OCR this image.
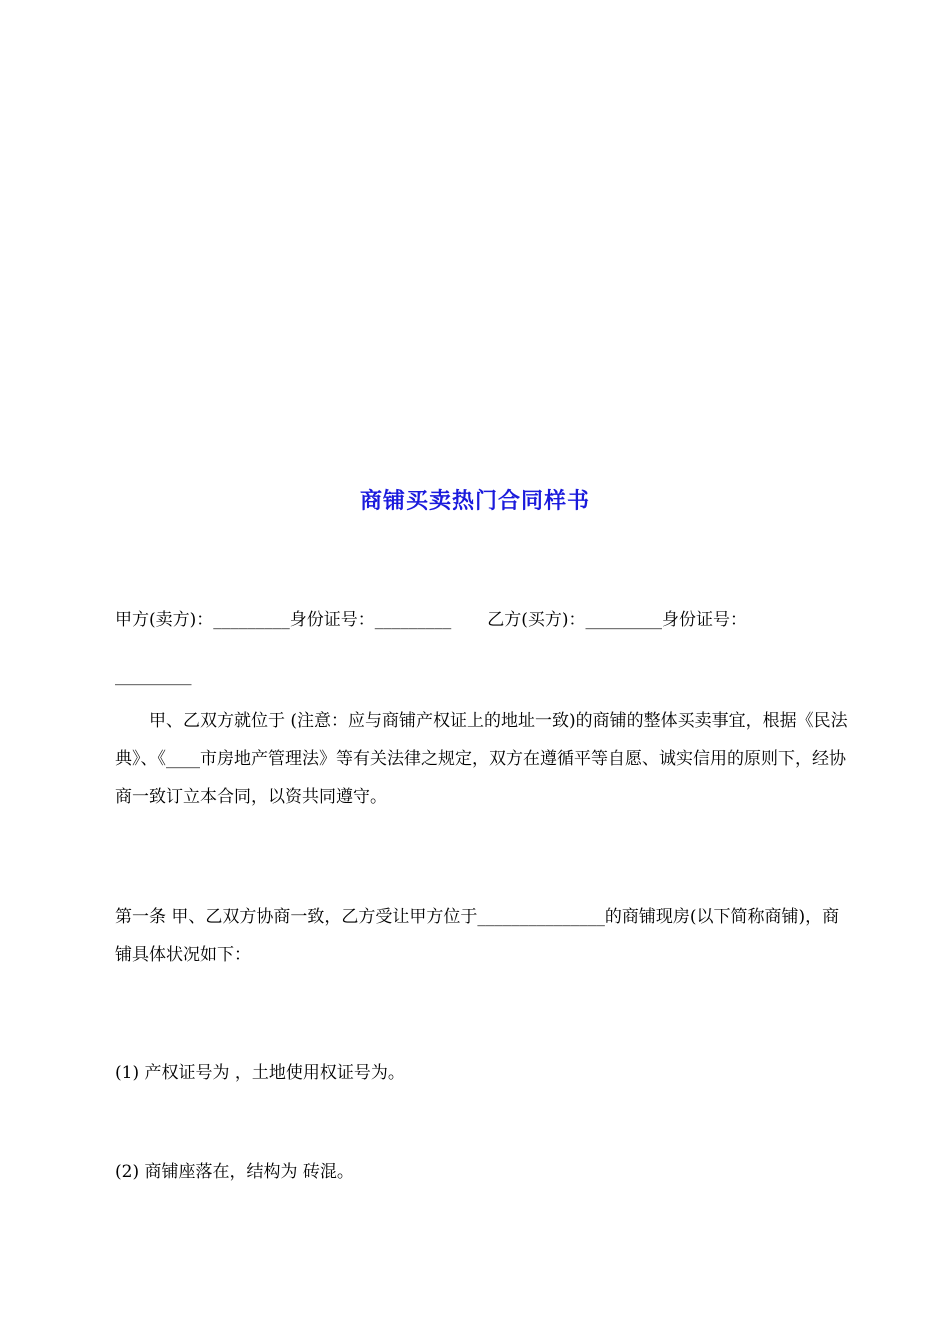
商铺买卖热门合同样书
甲方(卖方)：_________身份证号：_________ 乙方(买方)：_________身份证号：
_________
甲、乙双方就位于 (注意：应与商铺产权证上的地址一致)的商铺的整体买卖事宜，根据《民法典》、《____市房地产管理法》等有关法律之规定，双方在遵循平等自愿、诚实信用的原则下，经协商一致订立本合同，以资共同遵守。
第一条 甲、乙双方协商一致，乙方受让甲方位于_______________的商铺现房(以下简称商铺)，商铺具体状况如下：
(1) 产权证号为 ，土地使用权证号为。
(2) 商铺座落在，结构为 砖混。
